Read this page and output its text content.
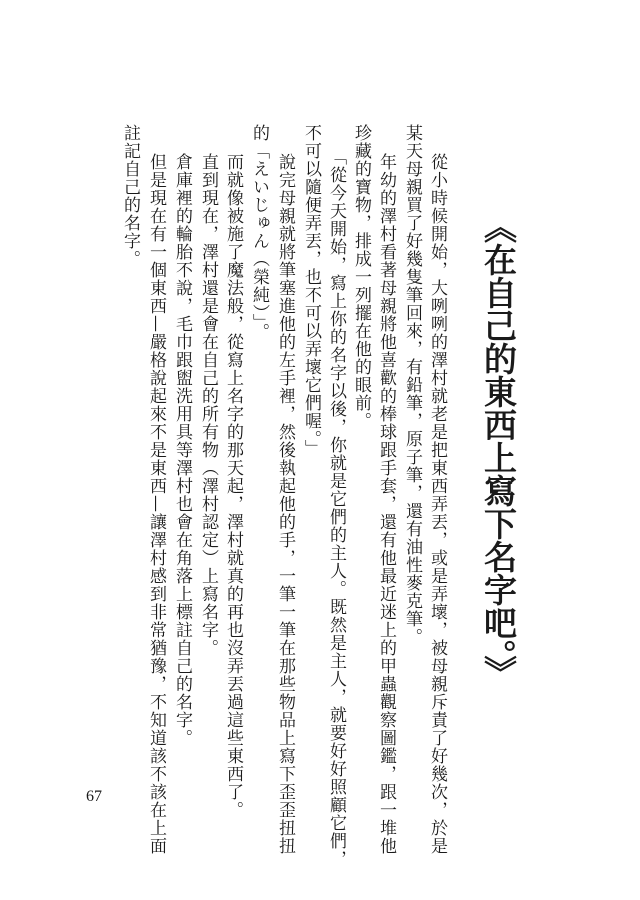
《在自己的東西上寫下名字吧。》
從小時候開始，大咧咧的澤村就老是把東西弄丟，或是弄壞，被母親斥責了好幾次，於是
某天母親買了好幾隻筆回來，有鉛筆，原子筆，還有油性麥克筆。
年幼的澤村看著母親將他喜歡的棒球跟手套，還有他最近迷上的甲蟲觀察圖鑑，跟一堆他
珍藏的寶物，排成一列擺在他的眼前。
「從今天開始，寫上你的名字以後，你就是它們的主人。既然是主人，就要好好照顧它們，
不可以隨便弄丟，也不可以弄壞它們喔。」
說完母親就將筆塞進他的左手裡，然後執起他的手，一筆一筆在那些物品上寫下歪歪扭扭
的「えいじゅん（榮純）」。
而就像被施了魔法般，從寫上名字的那天起，澤村就真的再也沒弄丟過這些東西了。
直到現在，澤村還是會在自己的所有物（澤村認定）上寫名字。
倉庫裡的輪胎不說，毛巾跟盥洗用具等澤村也會在角落上標註自己的名字。
但是現在有一個東西—嚴格說起來不是東西—讓澤村感到非常猶豫，不知道該不該在上面
註記自己的名字。
67
